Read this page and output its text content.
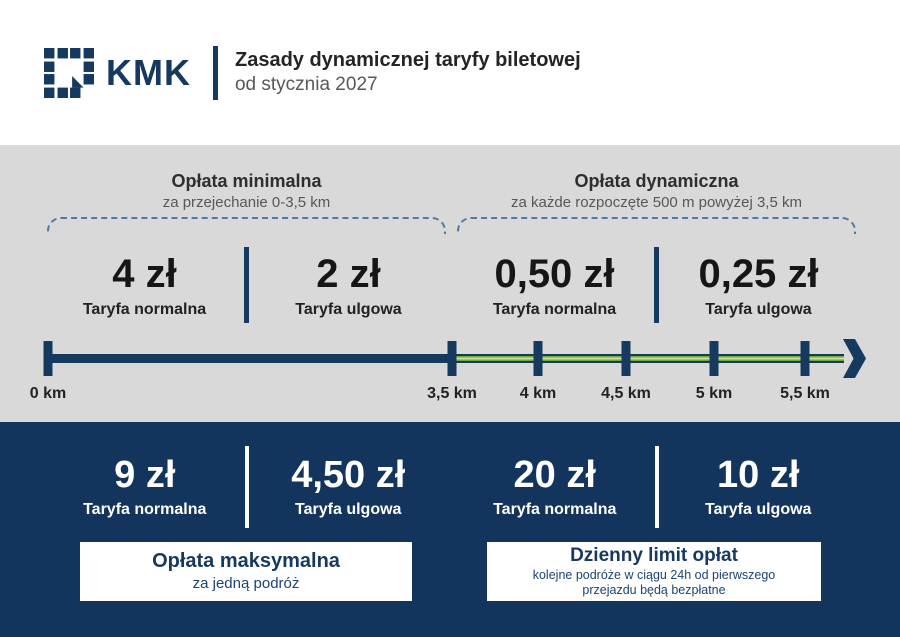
KMK Zasady dynamicznej taryfy biletowej
od stycznia 2027
Opłata minimalna
za przejechanie 0-3,5 km
Opłata dynamiczna
za każde rozpoczęte 500 m powyżej 3,5 km
4 zł
Taryfa normalna
2 zł
Taryfa ulgowa
0,50 zł
Taryfa normalna
0,25 zł
Taryfa ulgowa
0 km	3,5 km	4 km	4,5 km	5 km	5,5 km
9 zł
Taryfa normalna
4,50 zł
Taryfa ulgowa
20 zł
Taryfa normalna
10 zł
Taryfa ulgowa
Opłata maksymalna
za jedną podróż
Dzienny limit opłat
kolejne podróże w ciągu 24h od pierwszego
przejazdu będą bezpłatne
